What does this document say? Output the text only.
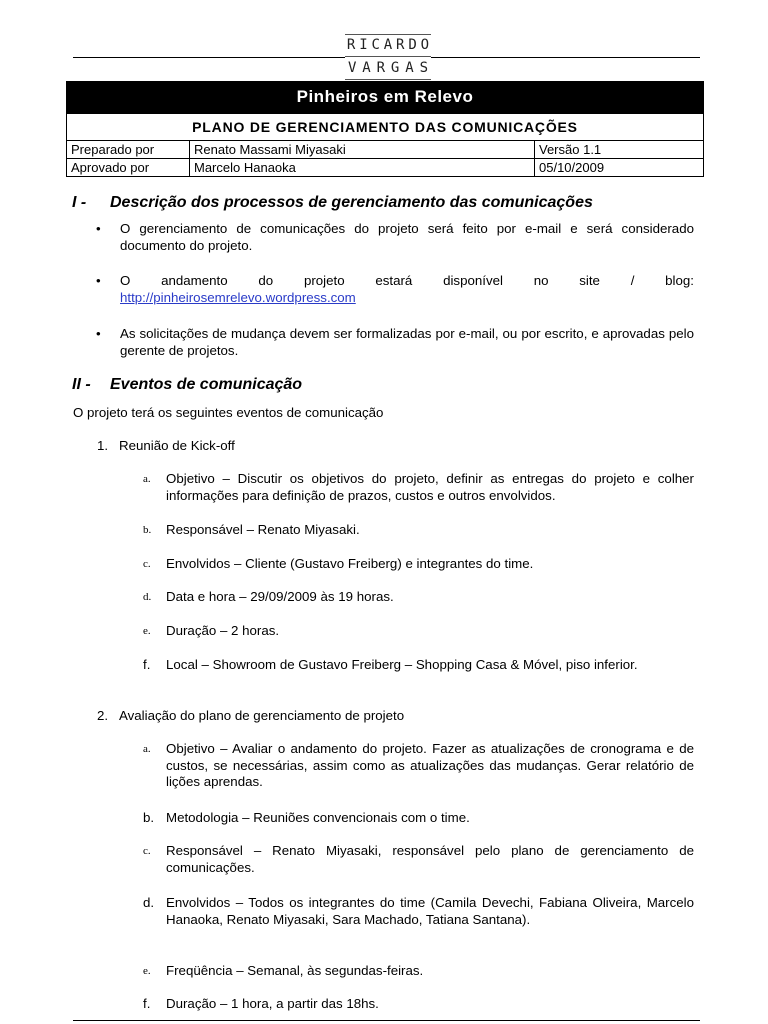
R I C A R D O
V A R G A S
Pinheiros em Relevo
PLANO DE GERENCIAMENTO DAS COMUNICAÇÕES
Preparado por	Renato Massami Miyasaki	Versão 1.1
Aprovado por	Marcelo Hanaoka	05/10/2009
I - Descrição dos processos de gerenciamento das comunicações
• O gerenciamento de comunicações do projeto será feito por e-mail e será considerado documento do projeto.
• O andamento do projeto estará disponível no site / blog:
http://pinheirosemrelevo.wordpress.com
• As solicitações de mudança devem ser formalizadas por e-mail, ou por escrito, e aprovadas pelo gerente de projetos.
II - Eventos de comunicação
O projeto terá os seguintes eventos de comunicação
1. Reunião de Kick-off
a. Objetivo – Discutir os objetivos do projeto, definir as entregas do projeto e colher informações para definição de prazos, custos e outros envolvidos.
b. Responsável – Renato Miyasaki.
c. Envolvidos – Cliente (Gustavo Freiberg) e integrantes do time.
d. Data e hora – 29/09/2009 às 19 horas.
e. Duração – 2 horas.
f. Local – Showroom de Gustavo Freiberg – Shopping Casa & Móvel, piso inferior.
2. Avaliação do plano de gerenciamento de projeto
a. Objetivo – Avaliar o andamento do projeto. Fazer as atualizações de cronograma e de custos, se necessárias, assim como as atualizações das mudanças. Gerar relatório de lições aprendas.
b. Metodologia – Reuniões convencionais com o time.
c. Responsável – Renato Miyasaki, responsável pelo plano de gerenciamento de comunicações.
d. Envolvidos – Todos os integrantes do time (Camila Devechi, Fabiana Oliveira, Marcelo Hanaoka, Renato Miyasaki, Sara Machado, Tatiana Santana).
e. Freqüência – Semanal, às segundas-feiras.
f. Duração – 1 hora, a partir das 18hs.
